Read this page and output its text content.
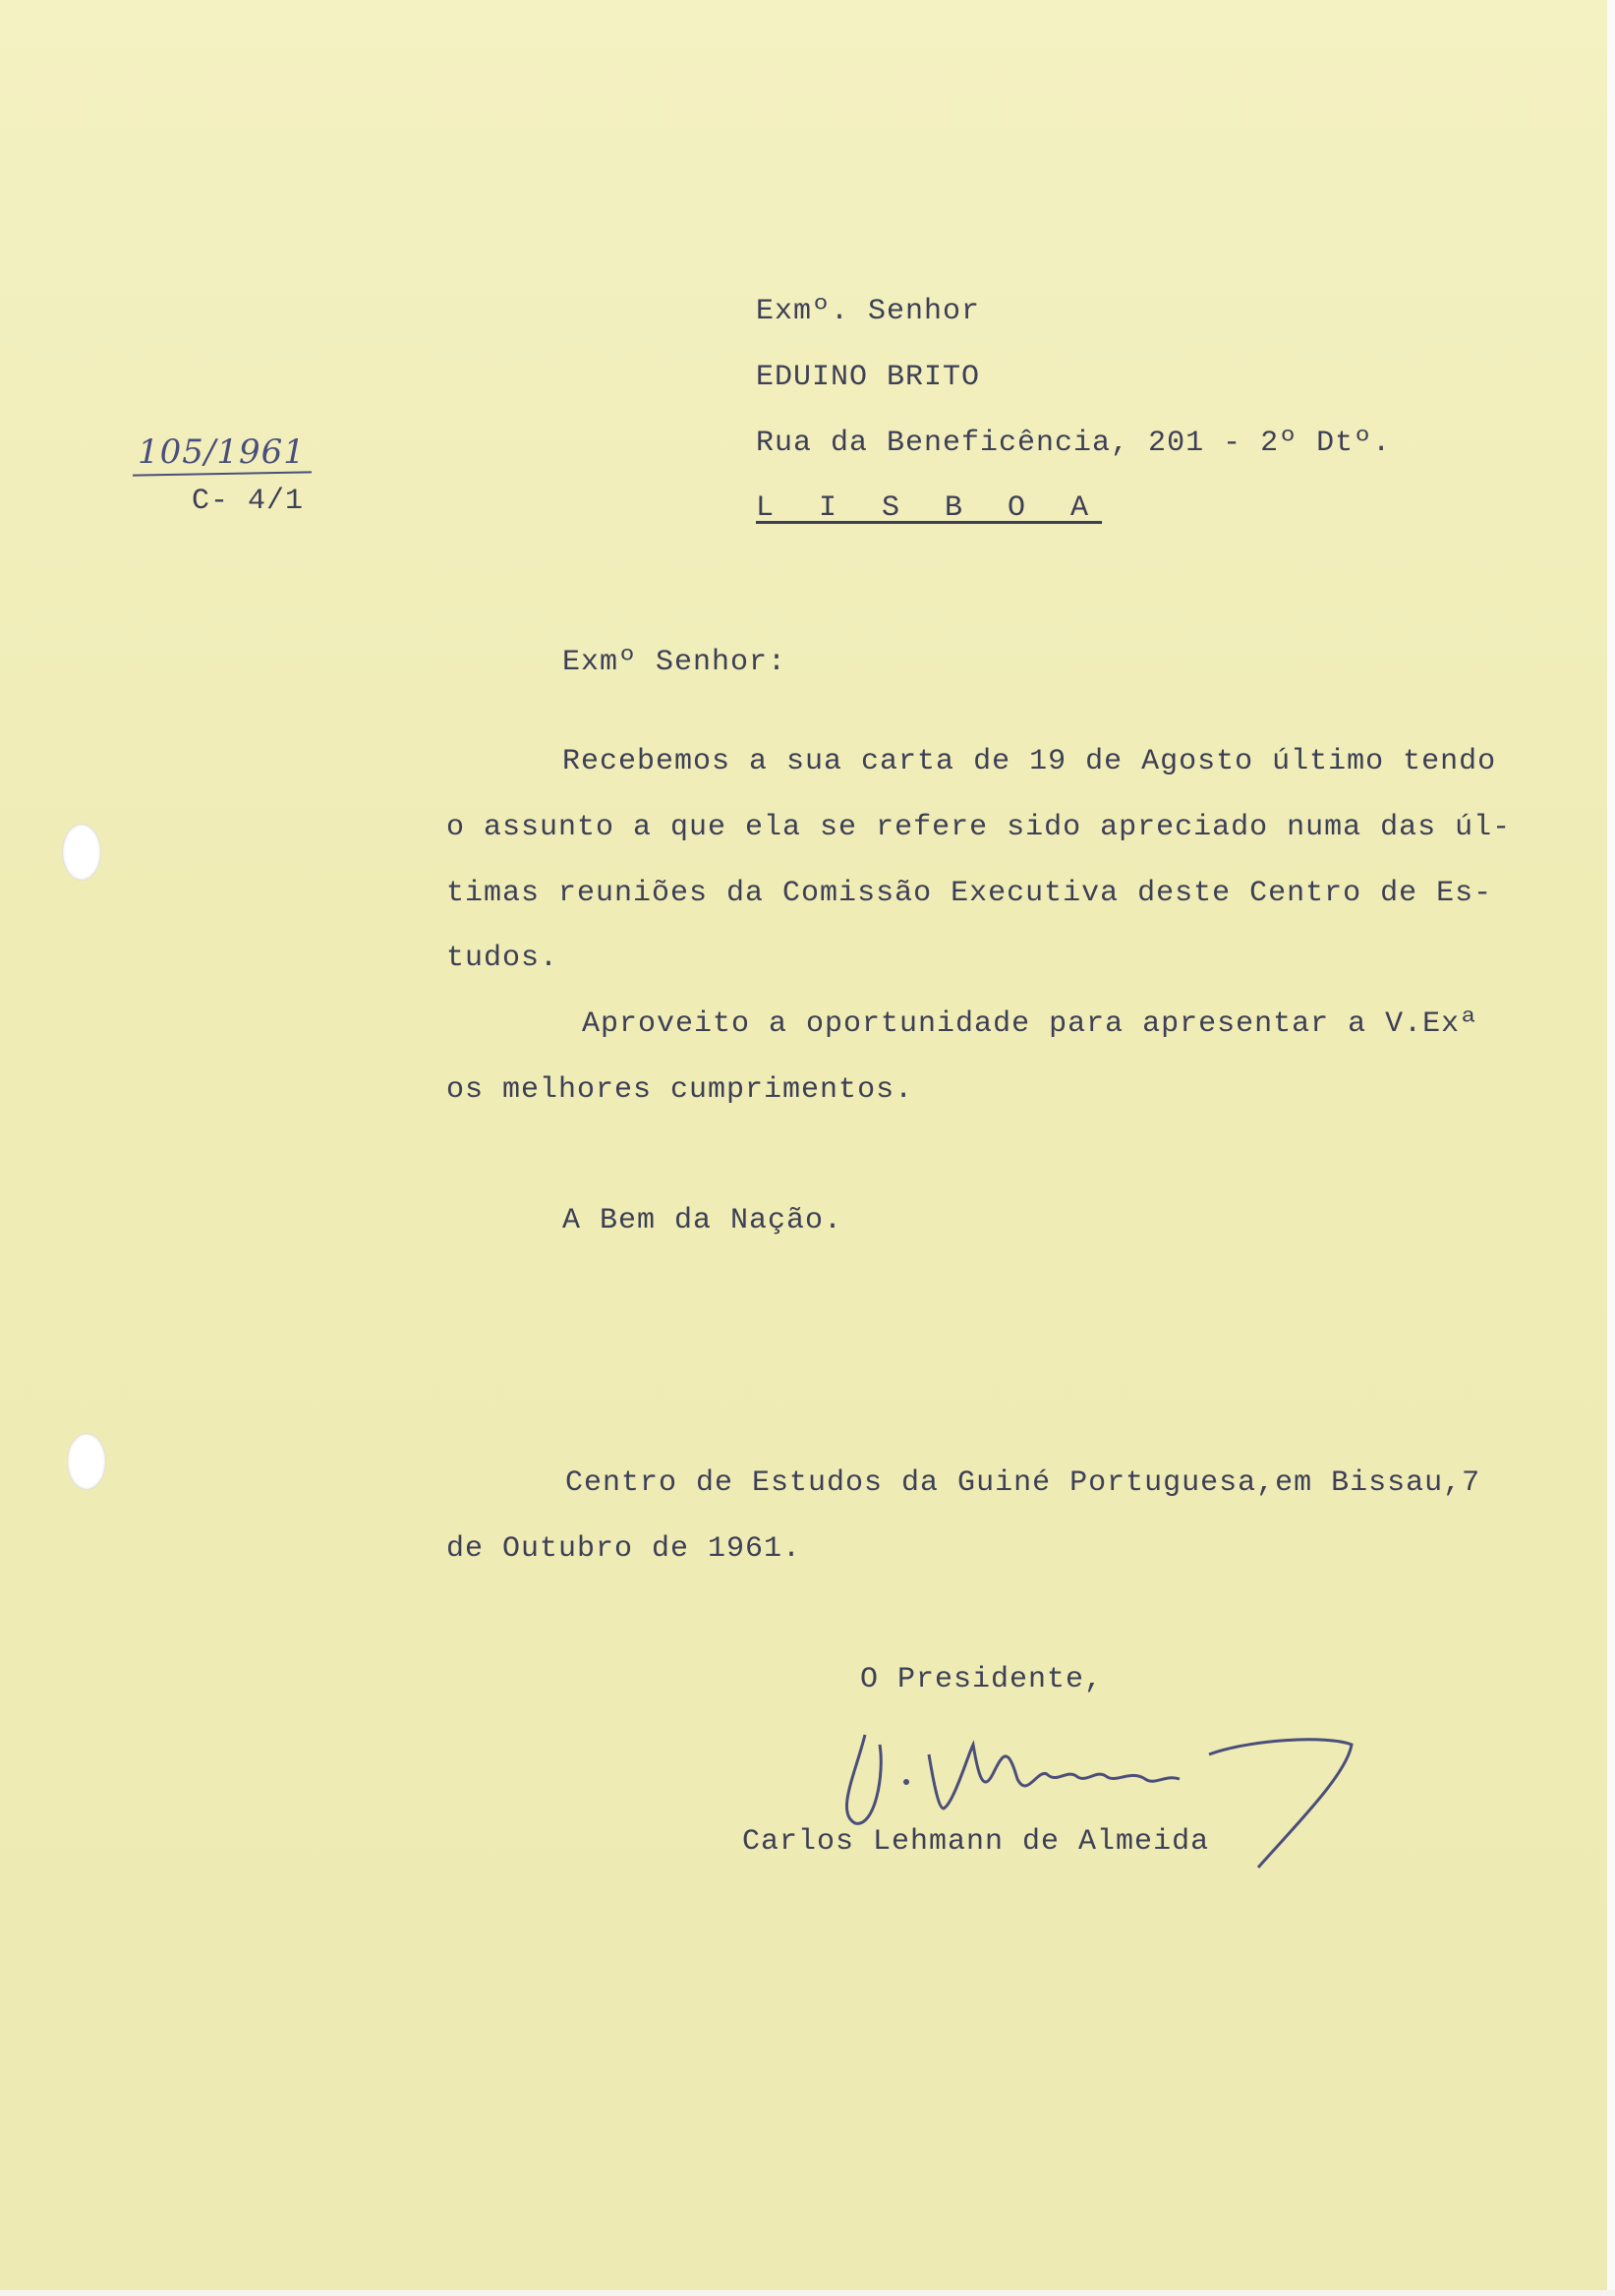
105/1961
C- 4/1
Exmº. Senhor
EDUINO BRITO
Rua da Beneficência, 201 - 2º Dtº.
L I S B O A
Exmº Senhor:
Recebemos a sua carta de 19 de Agosto último tendo
o assunto a que ela se refere sido apreciado numa das úl-
timas reuniões da Comissão Executiva deste Centro de Es-
tudos.
Aproveito a oportunidade para apresentar a V.Exª
os melhores cumprimentos.
A Bem da Nação.
Centro de Estudos da Guiné Portuguesa,em Bissau,7
de Outubro de 1961.
O Presidente,
Carlos Lehmann de Almeida
